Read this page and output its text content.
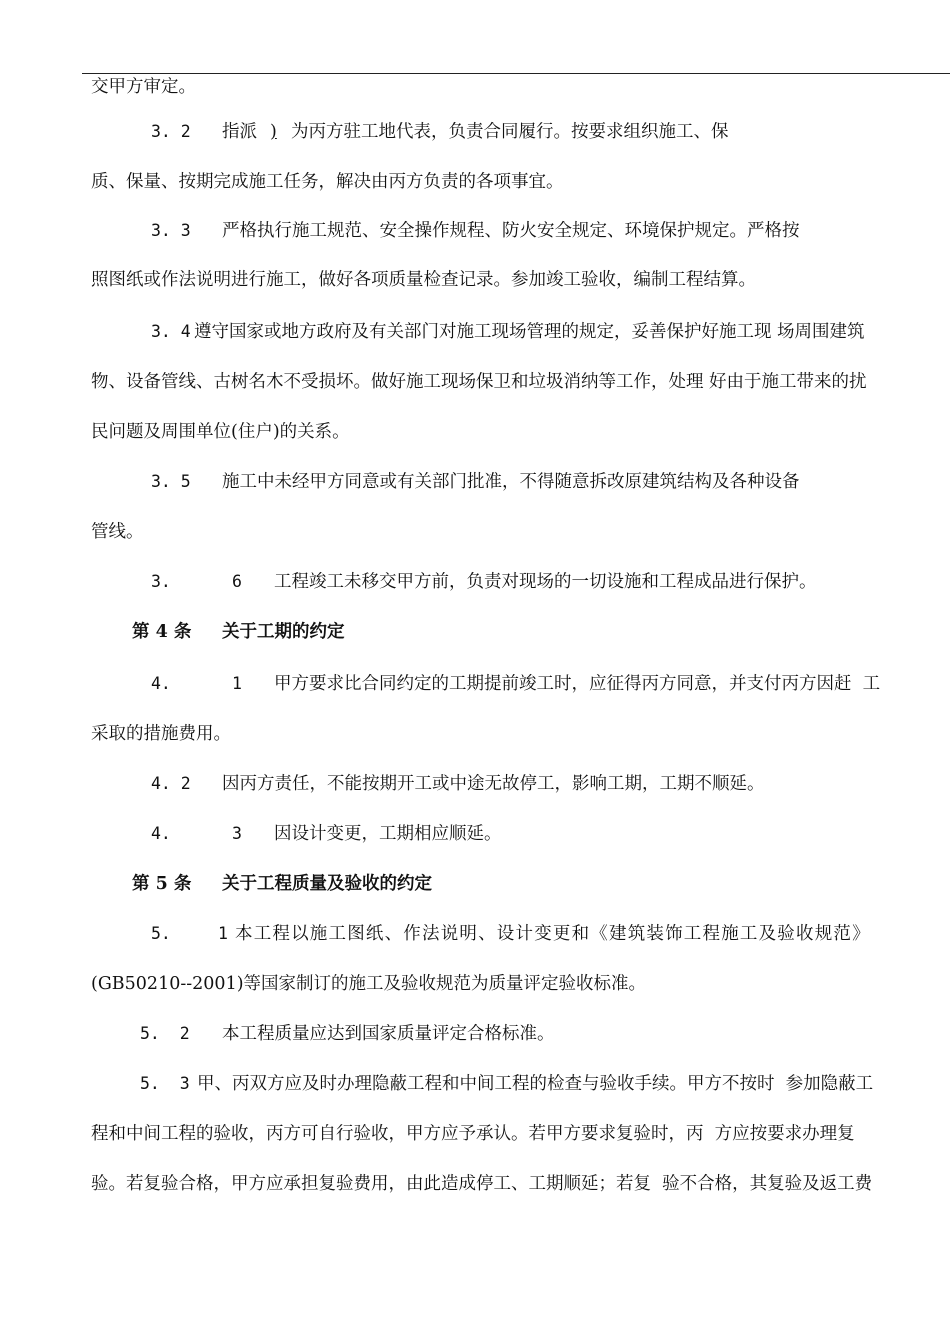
交甲方审定。
3. 2 指派 ) 为丙方驻工地代表，负责合同履行。按要求组织施工、保
质、保量、按期完成施工任务，解决由丙方负责的各项事宜。
3. 3 严格执行施工规范、安全操作规程、防火安全规定、环境保护规定。严格按
照图纸或作法说明进行施工，做好各项质量检查记录。参加竣工验收，编制工程结算。
3. 4 遵守国家或地方政府及有关部门对施工现场管理的规定，妥善保护好施工现 场周围建筑
物、设备管线、古树名木不受损坏。做好施工现场保卫和垃圾消纳等工作，处理 好由于施工带来的扰
民问题及周围单位(住户)的关系。
3. 5 施工中未经甲方同意或有关部门批准，不得随意拆改原建筑结构及各种设备
管线。
3.	6 工程竣工未移交甲方前，负责对现场的一切设施和工程成品进行保护。
第 4 条 关于工期的约定
4.	1 甲方要求比合同约定的工期提前竣工时，应征得丙方同意，并支付丙方因赶  工
采取的措施费用。
4. 2 因丙方责任，不能按期开工或中途无故停工，影响工期，工期不顺延。
4.	3 因设计变更，工期相应顺延。
第 5 条 关于工程质量及验收的约定
5.	1 本工程以施工图纸、作法说明、设计变更和《建筑装饰工程施工及验收规范》
(GB50210--2001)等国家制订的施工及验收规范为质量评定验收标准。
5.  2 本工程质量应达到国家质量评定合格标准。
5.  3 甲、丙双方应及时办理隐蔽工程和中间工程的检查与验收手续。甲方不按时  参加隐蔽工
程和中间工程的验收，丙方可自行验收，甲方应予承认。若甲方要求复验时，丙  方应按要求办理复
验。若复验合格，甲方应承担复验费用，由此造成停工、工期顺延；若复  验不合格，其复验及返工费
